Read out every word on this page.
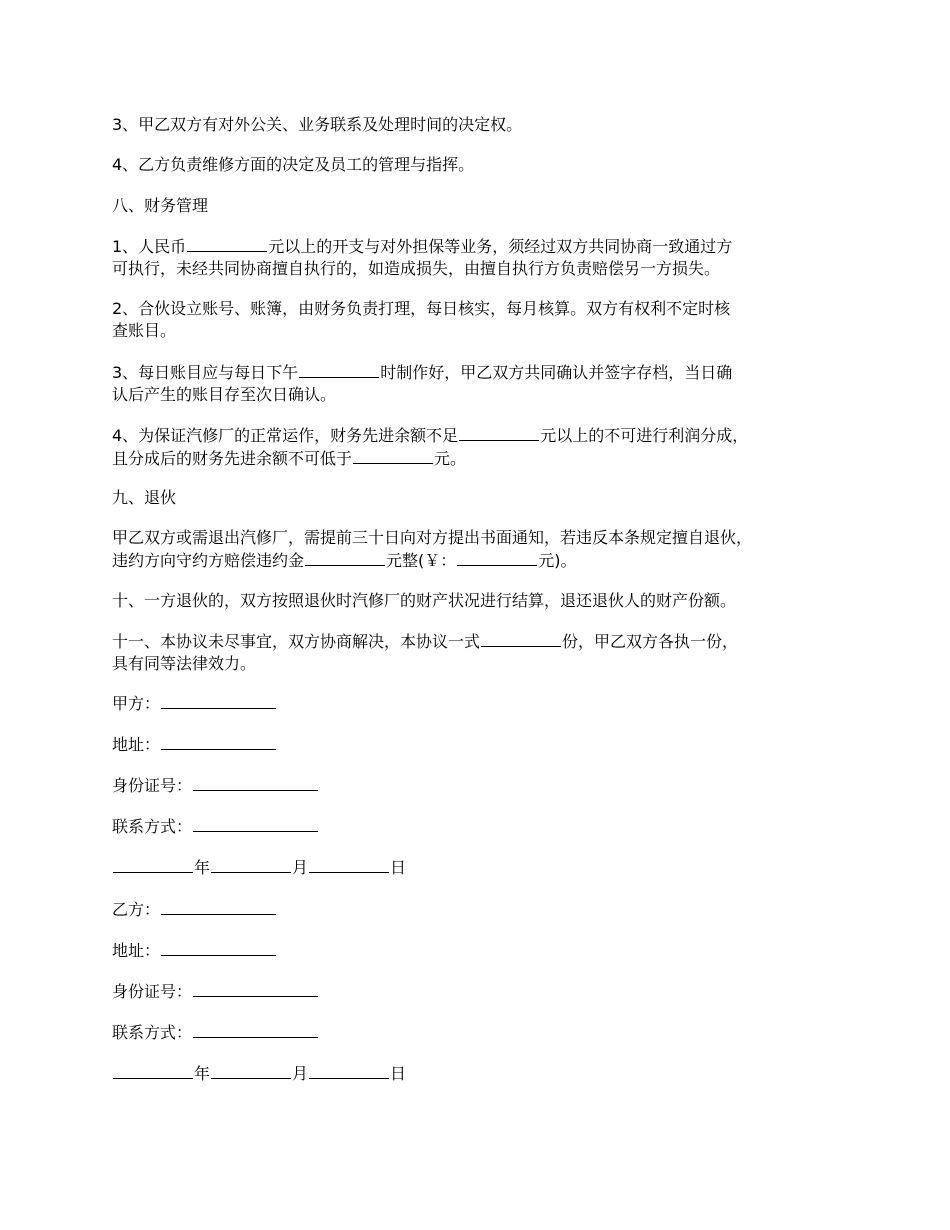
3、甲乙双方有对外公关、业务联系及处理时间的决定权。

4、乙方负责维修方面的决定及员工的管理与指挥。

八、财务管理

1、人民币	元以上的开支与对外担保等业务，须经过双方共同协商一致通过方
可执行，未经共同协商擅自执行的，如造成损失，由擅自执行方负责赔偿另一方损失。

2、合伙设立账号、账簿，由财务负责打理，每日核实，每月核算。双方有权利不定时核
查账目。

3、每日账目应与每日下午	时制作好，甲乙双方共同确认并签字存档，当日确
认后产生的账目存至次日确认。

4、为保证汽修厂的正常运作，财务先进余额不足	元以上的不可进行利润分成，
且分成后的财务先进余额不可低于	元。

九、退伙

甲乙双方或需退出汽修厂，需提前三十日向对方提出书面通知，若违反本条规定擅自退伙，
违约方向守约方赔偿违约金	元整(￥：	元)。

十、一方退伙的，双方按照退伙时汽修厂的财产状况进行结算，退还退伙人的财产份额。

十一、本协议未尽事宜，双方协商解决，本协议一式	份，甲乙双方各执一份，
具有同等法律效力。

甲方：

地址：

身份证号：

联系方式：

年	月	日

乙方：

地址：

身份证号：

联系方式：

年	月	日
